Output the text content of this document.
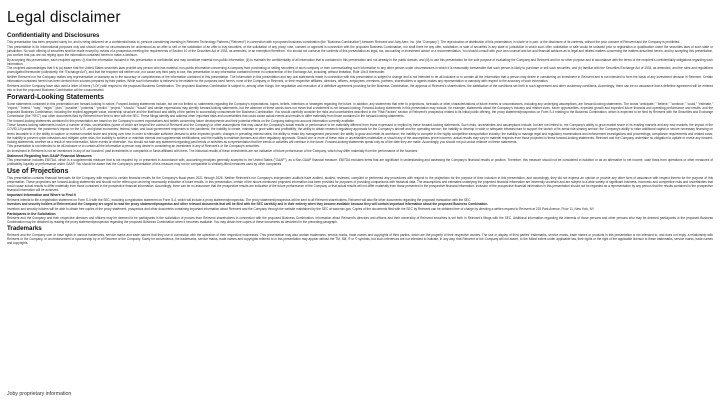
Legal disclaimer
Confidentiality and Disclosures

This presentation has been prepared solely for, and is being delivered on a confidential basis to, persons considering investing in Reinvent Technology Partners ("Reinvent") in connection with a proposed business combination (the "Business Combination") between Reinvent and Joby Aero, Inc. (the "Company"). The reproduction or distribution of this presentation, in whole or in part, or the disclosure of its contents, without the prior consent of Reinvent and the Company is prohibited.

This presentation is for informational purposes only and should under no circumstances be understood as an offer to sell or the solicitation of an offer to buy securities, or the solicitation of any proxy, vote, consent or approval in connection with the proposed Business Combination, nor shall there be any offer, solicitation, or sale of securities in any state or jurisdiction in which such offer, solicitation or sale would be unlawful prior to registration or qualification under the securities laws of such state or jurisdiction. No such offering of securities shall be made except by means of a prospectus meeting the requirements of Section 10 of the Securities Act of 1933, as amended, or an exemption therefrom. You should not construe the contents of this presentation as legal, tax, accounting or investment advice or a recommendation. You should consult with your own counsel and tax and financial advisors as to legal and related matters concerning the matters described herein, and by accepting this presentation, you confirm that you are not relying upon the information contained herein to make a decision.

By accepting this presentation, each recipient agrees: (i) that the information included in this presentation is confidential and may constitute material non-public information, (ii) to maintain the confidentiality of all information that is contained in this presentation and not already in the public domain, and (iii) to use this presentation for the sole purpose of evaluating the Company and Reinvent and for no other purpose and in accordance with the terms of the recipient's confidentiality obligations regarding such information.

The recipient acknowledges that it is (a) aware that the United States securities laws prohibit any person who has material, non-public information concerning a company from purchasing or selling securities of such company or from communicating such information to any other person under circumstances in which it is reasonably foreseeable that such person is likely to purchase or sell such securities, and (b) familiar with the Securities Exchange Act of 1934, as amended, and the rules and regulations promulgated thereunder (collectively, the "Exchange Act"), and that the recipient will neither use, nor cause any third party to use, this presentation or any information contained herein in contravention of the Exchange Act, including, without limitation, Rule 10b-5 thereunder.

Neither Reinvent nor the Company makes any representation or warranty as to the accuracy or completeness of the information contained in this presentation. The information in this presentation and any oral statements made in connection with this presentation is subject to change and is not intended to be all-inclusive or to contain all the information that a person may desire in considering an investment in Reinvent and is not intended to form the basis of any investment decision in Reinvent. Certain information contained herein has been derived from sources prepared by third parties. While such information is believed to be reliable for the purposes used herein, none of the Company or Reinvent, or their respective affiliates, directors, officers, employees, members, partners, shareholders or agents makes any representation or warranty with respect to the accuracy of such information.

Reinvent and the Company have also used a letter of intent ("LOI") with respect to the proposed Business Combination. The proposed Business Combination is subject to, among other things, the negotiation and execution of a definitive agreement providing for the Business Combination, the approval of Reinvent's shareholders, the satisfaction of the conditions set forth in such agreement and other customary conditions. Accordingly, there can be no assurance that a definitive agreement will be entered into or that the proposed Business Combination will be consummated.

Forward-Looking Statements

Some statements contained in this presentation are forward-looking in nature. Forward-looking statements include, but are not limited to, statements regarding the Company's expectations, hopes, beliefs, intentions or strategies regarding the future. In addition, any statements that refer to projections, forecasts or other characterizations of future events or circumstances, including any underlying assumptions, are forward-looking statements. The words "anticipate," "believe," "continue," "could," "estimate," "expect," "intend," "may," "might," "plan," "possible," "potential," "predict," "project," "should," "would" and similar expressions may identify forward-looking statements, but the absence of these words does not mean that a statement is not forward-looking. Forward-looking statements in this presentation may include, for example, statements about the Company's industry and market sizes, future opportunities, expected growth and expected future financial and operating performance and results, and the proposed Business Combination, including the implied aggregate value, ownership structure and the likelihood and ability of the parties to successfully consummate the Business Combination. You should carefully consider the risks and uncertainties described in the "Risk Factors" section of Reinvent's prospectus related to its initial public offering, the proxy statement/prospectus on Form S-4 relating to the Business Combination, which is expected to be filed by Reinvent with the Securities and Exchange Commission (the "SEC") and other documents filed by Reinvent from time to time with the SEC. These filings identify and address other important risks and uncertainties that could cause actual events and results to differ materially from those contained in the forward-looking statements.

The forward-looking statements contained in this presentation are based on the Company's current expectations and beliefs concerning future developments and their potential effects on the Company taking into account information currently available.

These forward-looking statements involve a number of risks, uncertainties (some of which are beyond the control of Reinvent and the Company) or other assumptions that may cause the Company's actual results or performance to be materially different from those expressed or implied by these forward-looking statements. Such risks, uncertainties and assumptions include, but are not limited to, the Company's ability to grow market share in its existing markets and any new markets; the impact of the COVID-19 pandemic; the pandemic's impact on the U.S. and global economies; federal, state, and local government responses to the pandemic; the inability to create, maintain or grow sales and profitability; the ability to obtain research regulatory approvals for the Company's aircraft and the operating service; the inability to develop in wide or adequate infrastructure to support the launch of its aerial ride-sharing service; the Company's ability to raise additional capital or secure necessary financing on terms favorable to it; the ability to capture or maintain market share and pricing over time in order to stimulate sufficient demand to drive expected growth; changes in prevailing interest rates; the ability to retain key management personnel; the ability to grow and retain its workforce; the inability to compete in the highly competitive transportation industry; the inability to manage legal and regulatory examinations and enforcement investigations and proceedings; compliance requirements and related costs; the inability to prevent cyber-intrusions and mitigate cyber risks; the inability to achieve or maintain internal and supplemental certifications; and the inability to maintain licenses and other regulatory approvals. Should one or more of these risks or uncertainties materialize or should any of the assumptions prove incorrect, actual results may vary in material respects from those projected in these forward-looking statements. Reinvent and the Company undertake no obligation to update or revise any forward-looking statements, whether as a result of new information, future events or otherwise. You should not take any statement regarding past trends or activities as a representation that the trends or activities will continue in the future. Forward-looking statements speak only as of the date they are made. Accordingly, you should not put undue reliance on these statements.

This presentation is not intended to be all-inclusive or to contain all the information a person may desire in considering an investment in any of Reinvent's or the Company's securities.

An investment in Reinvent is not an investment in any of our founders' past investments or companies or funds affiliated with them. The historical results of these investments are not indicative of future performance of the Company, which may differ materially from the performance of the founders.

Statement Regarding Non-GAAP Financial Measures

This presentation includes EBITDA, which is a supplemental measure that is not required by, or presented in accordance with, accounting principles generally accepted in the United States ("GAAP"), as a Non-GAAP financial measure. EBITDA excludes items that are significant in understanding and assessing the Company's financial results or position. Therefore, this measure should not be considered in isolation or as an alternative to net income, cash flows from operations or other measures of profitability, liquidity or performance under GAAP. You should be aware that the Company's presentation of this measure may not be comparable to similarly-titled measures used by other companies.

Use of Projections

This presentation contains financial forecasts for the Company with respect to certain financial results for the Company's fiscal years 2021 through 2026. Neither Reinvent's nor Company's independent auditors have audited, studied, reviewed, compiled or performed any procedures with respect to the projections for the purpose of their inclusion in this presentation, and accordingly, they did not express an opinion or provide any other form of assurance with respect thereto for the purpose of this presentation. These projections are forward-looking statements and should not be relied upon as being necessarily indicative of future results. In this presentation, certain of the above-mentioned projected information has been provided for purposes of providing comparisons with historical data. The assumptions and estimates underlying the projected financial information are inherently uncertain and are subject to a wide variety of significant business, economic and competitive risks and uncertainties that could cause actual results to differ materially from those contained in the prospective financial information. Accordingly, there can be no assurance that the prospective results are indicative of the future performance of the Company or that actual results will not differ materially from those presented in the prospective financial information. Inclusion of the prospective financial information in this presentation should not be regarded as a representation by any person that the results contained in the prospective financial information will be achieved.

Important Information and Where to Find It

Reinvent intends to file a registration statement on Form S-4 with the SEC, including a registration statement on Form S-4, which will include a proxy statement/prospectus. The proxy statement/prospectus will be sent to all Reinvent shareholders. Reinvent will also file other documents regarding the proposed transaction with the SEC.

Investors and security holders of Reinvent and the Company are urged to read the proxy statement/prospectus and other relevant documents that will be filed with the SEC carefully and in their entirety when they become available because they will contain important information about the proposed Business Combination.

Investors and security holders will be able to obtain free copies of the proxy statement, prospectus and other documents containing important information about Reinvent and the Company through the website maintained by the SEC at www.sec.gov. Copies of the documents filed with the SEC by Reinvent can be obtained free of charge by directing a written request to Reinvent at 215 Park Avenue, Floor 11, New York, NY.

Participants in the Solicitation

Reinvent and the Company and their respective directors and officers may be deemed to be participants in the solicitation of proxies from Reinvent shareholders in connection with the proposed Business Combination. Information about Reinvent's directors and officers and their ownership of Reinvent securities is set forth in Reinvent's filings with the SEC. Additional information regarding the interests of those persons and other persons who may be deemed participants in the proposed Business Combination may be obtained by reading the proxy statement/prospectus regarding the proposed Business Combination when it becomes available. You may obtain free copies of these documents as described in the preceding paragraph.

Trademarks

Reinvent and the Company own or have rights to various trademarks, service marks and trade names that they use in connection with the operation of their respective businesses. This presentation may also contain trademarks, service marks, trade names and copyrights of third parties, which are the property of their respective owners. The use or display of third parties' trademarks, service marks, trade names or products in this presentation is not intended to, and does not imply, a relationship with Reinvent or the Company, or an endorsement or sponsorship by or of Reinvent or the Company. Solely for convenience, the trademarks, service marks, trade names and copyrights referred to in this presentation may appear without the TM, SM, ® or © symbols, but such references are not intended to indicate, in any way, that Reinvent or the Company will not assert, to the fullest extent under applicable law, their rights or the right of the applicable licensor to these trademarks, service marks, trade names and copyrights.

Joby proprietary information
